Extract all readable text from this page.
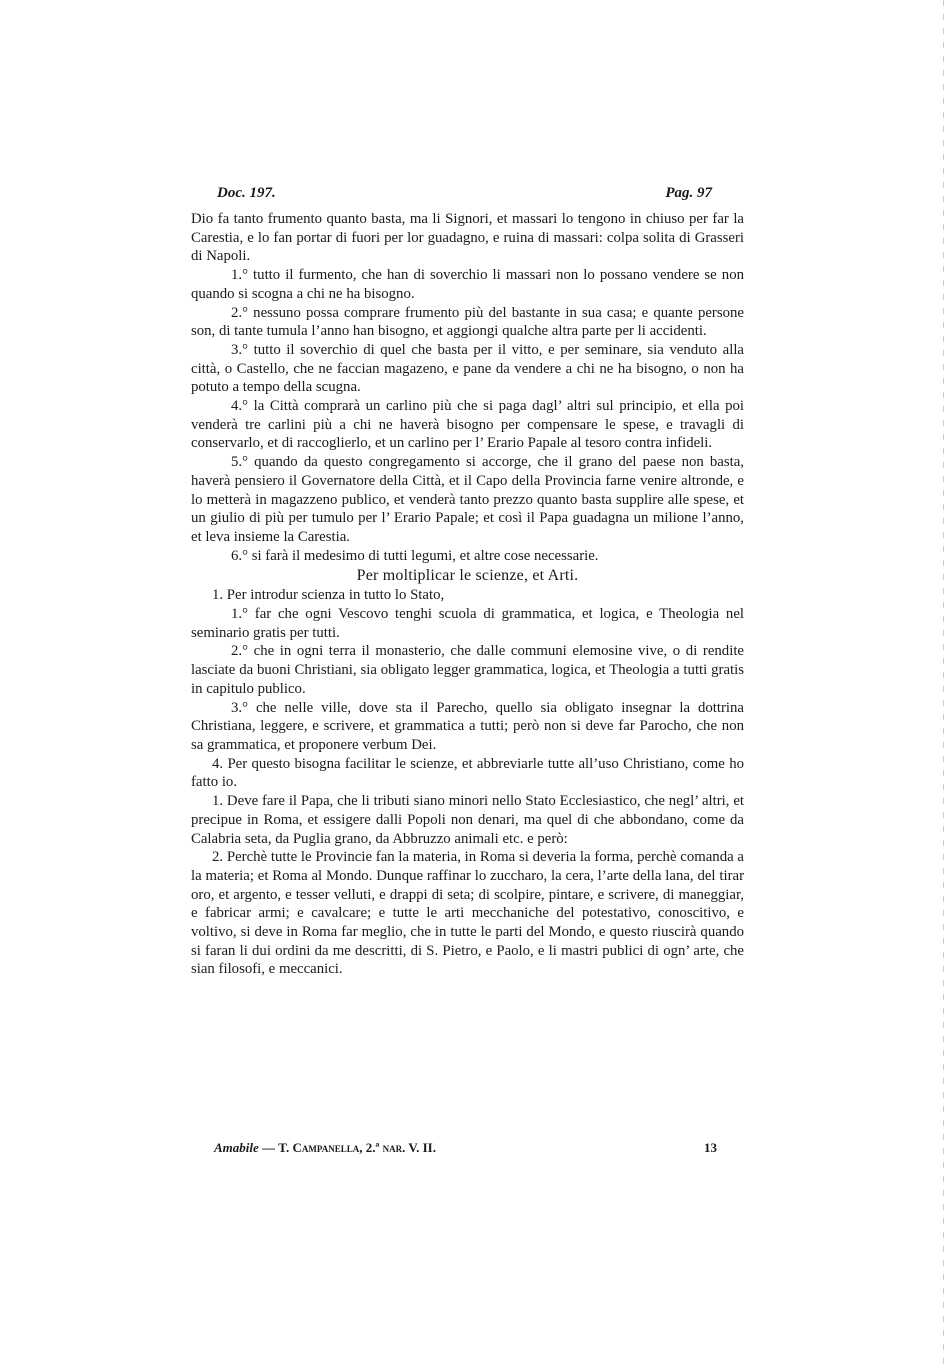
Doc. 197.	Pag. 97

Dio fa tanto frumento quanto basta, ma li Signori, et massari lo tengono in chiuso per far la Carestia, e lo fan portar di fuori per lor guadagno, e ruina di massari: colpa solita di Grasseri di Napoli.

1.° tutto il furmento, che han di soverchio li massari non lo possano vendere se non quando si scogna a chi ne ha bisogno.

2.° nessuno possa comprare frumento più del bastante in sua casa; e quante persone son, di tante tumula l’anno han bisogno, et aggiongi qualche altra parte per li accidenti.

3.° tutto il soverchio di quel che basta per il vitto, e per seminare, sia venduto alla città, o Castello, che ne faccian magazeno, e pane da vendere a chi ne ha bisogno, o non ha potuto a tempo della scugna.

4.° la Città comprarà un carlino più che si paga dagl’ altri sul principio, et ella poi venderà tre carlini più a chi ne haverà bisogno per compensare le spese, e travagli di conservarlo, et di raccoglierlo, et un carlino per l’ Erario Papale al tesoro contra infideli.

5.° quando da questo congregamento si accorge, che il grano del paese non basta, haverà pensiero il Governatore della Città, et il Capo della Provincia farne venire altronde, e lo metterà in magazzeno publico, et venderà tanto prezzo quanto basta supplire alle spese, et un giulio di più per tumulo per l’ Erario Papale; et così il Papa guadagna un milione l’anno, et leva insieme la Carestia.

6.° si farà il medesimo di tutti legumi, et altre cose necessarie.

Per moltiplicar le scienze, et Arti.

1. Per introdur scienza in tutto lo Stato,

1.° far che ogni Vescovo tenghi scuola di grammatica, et logica, e Theologia nel seminario gratis per tutti.

2.° che in ogni terra il monasterio, che dalle communi elemosine vive, o di rendite lasciate da buoni Christiani, sia obligato legger grammatica, logica, et Theologia a tutti gratis in capitulo publico.

3.° che nelle ville, dove sta il Parecho, quello sia obligato insegnar la dottrina Christiana, leggere, e scrivere, et grammatica a tutti; però non si deve far Parocho, che non sa grammatica, et proponere verbum Dei.

4. Per questo bisogna facilitar le scienze, et abbreviarle tutte all’uso Christiano, come ho fatto io.

1. Deve fare il Papa, che li tributi siano minori nello Stato Ecclesiastico, che negl’ altri, et precipue in Roma, et essigere dalli Popoli non denari, ma quel di che abbondano, come da Calabria seta, da Puglia grano, da Abbruzzo animali etc. e però:

2. Perchè tutte le Provincie fan la materia, in Roma si deveria la forma, perchè comanda a la materia; et Roma al Mondo. Dunque raffinar lo zuccharo, la cera, l’arte della lana, del tirar oro, et argento, e tesser velluti, e drappi di seta; di scolpire, pintare, e scrivere, di maneggiar, e fabricar armi; e cavalcare; e tutte le arti mecchaniche del potestativo, conoscitivo, e voltivo, si deve in Roma far meglio, che in tutte le parti del Mondo, e questo riuscirà quando si faran li dui ordini da me descritti, di S. Pietro, e Paolo, e li mastri publici di ogn’ arte, che sian filosofi, e meccanici.

Amabile — T. Campanella, 2.ª nar. V. II.	13
